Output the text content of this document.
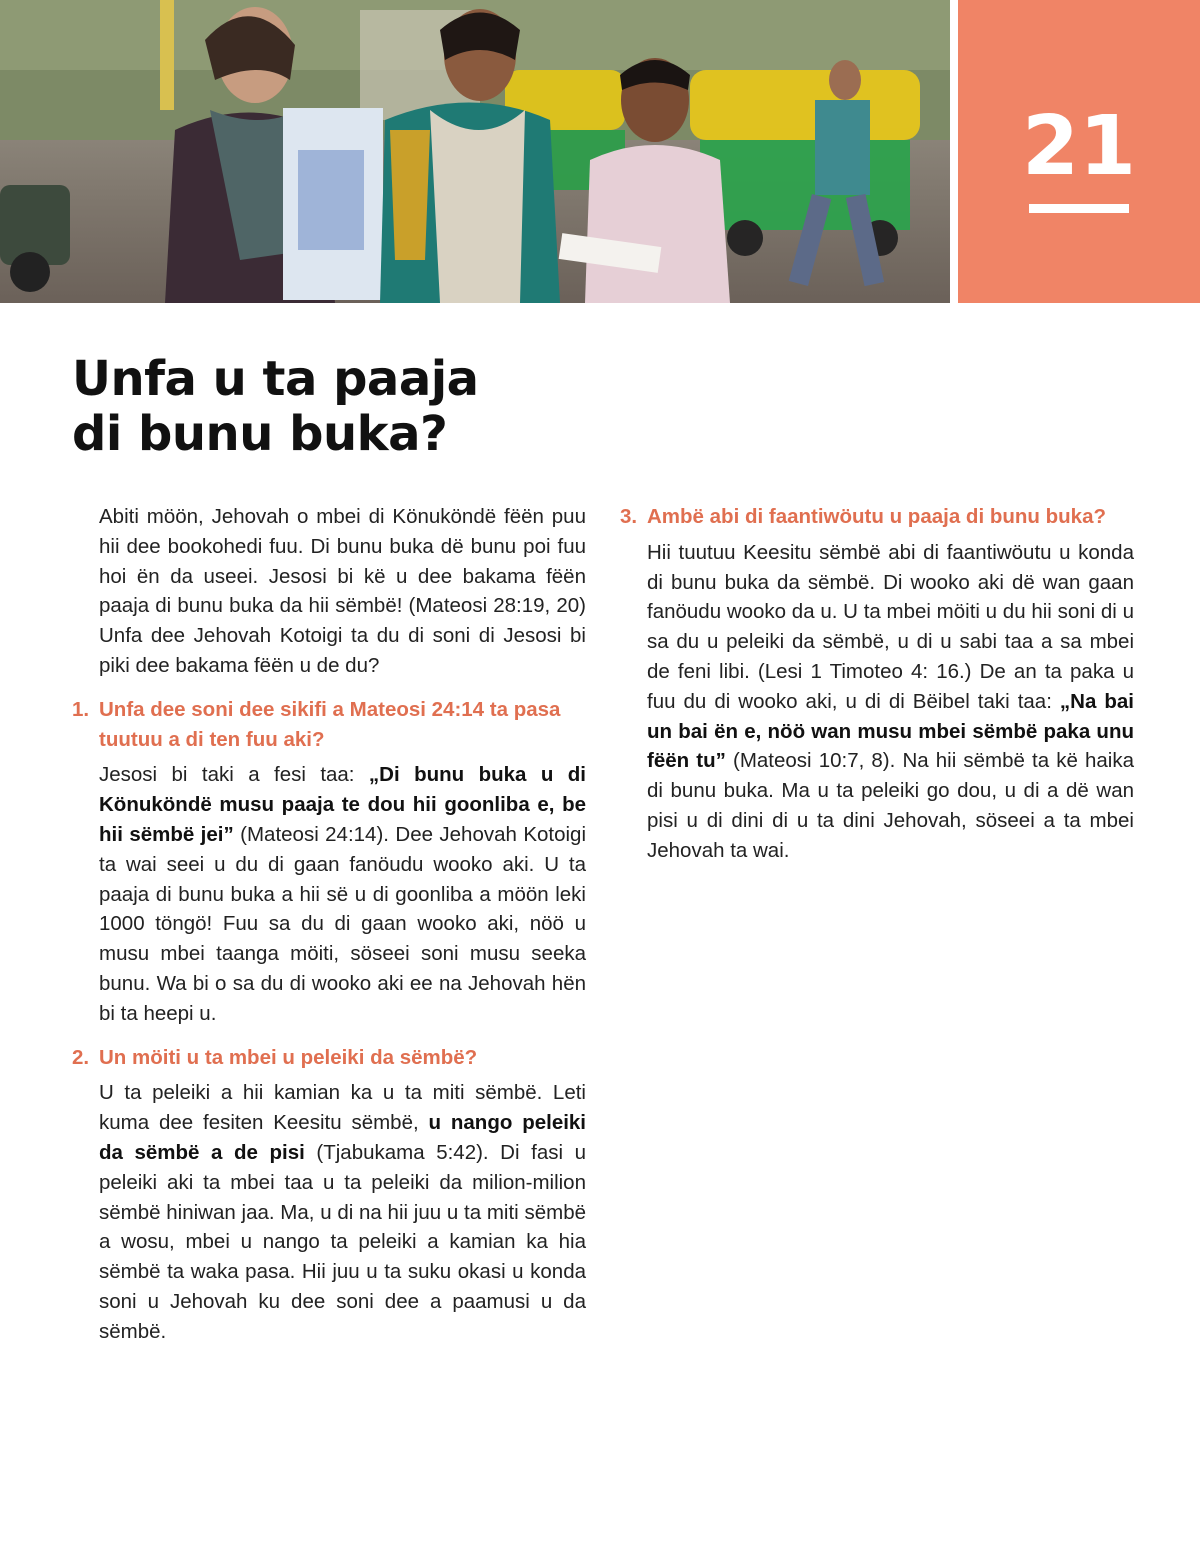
21
Unfa u ta paaja
di bunu buka?

Abiti möön, Jehovah o mbei di Könuköndë fëën puu hii dee bookohedi fuu. Di bunu buka dë bunu poi fuu hoi ën da useei. Jesosi bi kë u dee bakama fëën paaja di bunu buka da hii sëmbë! (Mateosi 28:19, 20) Unfa dee Jehovah Kotoigi ta du di soni di Jesosi bi piki dee bakama fëën u de du?

1. Unfa dee soni dee sikifi a Mateosi 24:14 ta pasa tuutuu a di ten fuu aki?

Jesosi bi taki a fesi taa: „Di bunu buka u di Könuköndë musu paaja te dou hii goonliba e, be hii sëmbë jei” (Mateosi 24:14). Dee Jehovah Kotoigi ta wai seei u du di gaan fanöudu wooko aki. U ta paaja di bunu buka a hii së u di goonliba a möön leki 1000 töngö! Fuu sa du di gaan wooko aki, nöö u musu mbei taanga möiti, söseei soni musu seeka bunu. Wa bi o sa du di wooko aki ee na Jehovah hën bi ta heepi u.

2. Un möiti u ta mbei u peleiki da sëmbë?

U ta peleiki a hii kamian ka u ta miti sëmbë. Leti kuma dee fesiten Keesitu sëmbë, u nango peleiki da sëmbë a de pisi (Tjabukama 5:42). Di fasi u peleiki aki ta mbei taa u ta peleiki da milion-milion sëmbë hiniwan jaa. Ma, u di na hii juu u ta miti sëmbë a wosu, mbei u nango ta peleiki a kamian ka hia sëmbë ta waka pasa. Hii juu u ta suku okasi u konda soni u Jehovah ku dee soni dee a paamusi u da sëmbë.

3. Ambë abi di faantiwöutu u paaja di bunu buka?

Hii tuutuu Keesitu sëmbë abi di faantiwöutu u konda di bunu buka da sëmbë. Di wooko aki dë wan gaan fanöudu wooko da u. U ta mbei möiti u du hii soni di u sa du u peleiki da sëmbë, u di u sabi taa a sa mbei de feni libi. (Lesi 1 Timoteo 4: 16.) De an ta paka u fuu du di wooko aki, u di di Bëibel taki taa: „Na bai un bai ën e, nöö wan musu mbei sëmbë paka unu fëën tu” (Mateosi 10:7, 8). Na hii sëmbë ta kë haika di bunu buka. Ma u ta peleiki go dou, u di a dë wan pisi u di dini di u ta dini Jehovah, söseei a ta mbei Jehovah ta wai.
